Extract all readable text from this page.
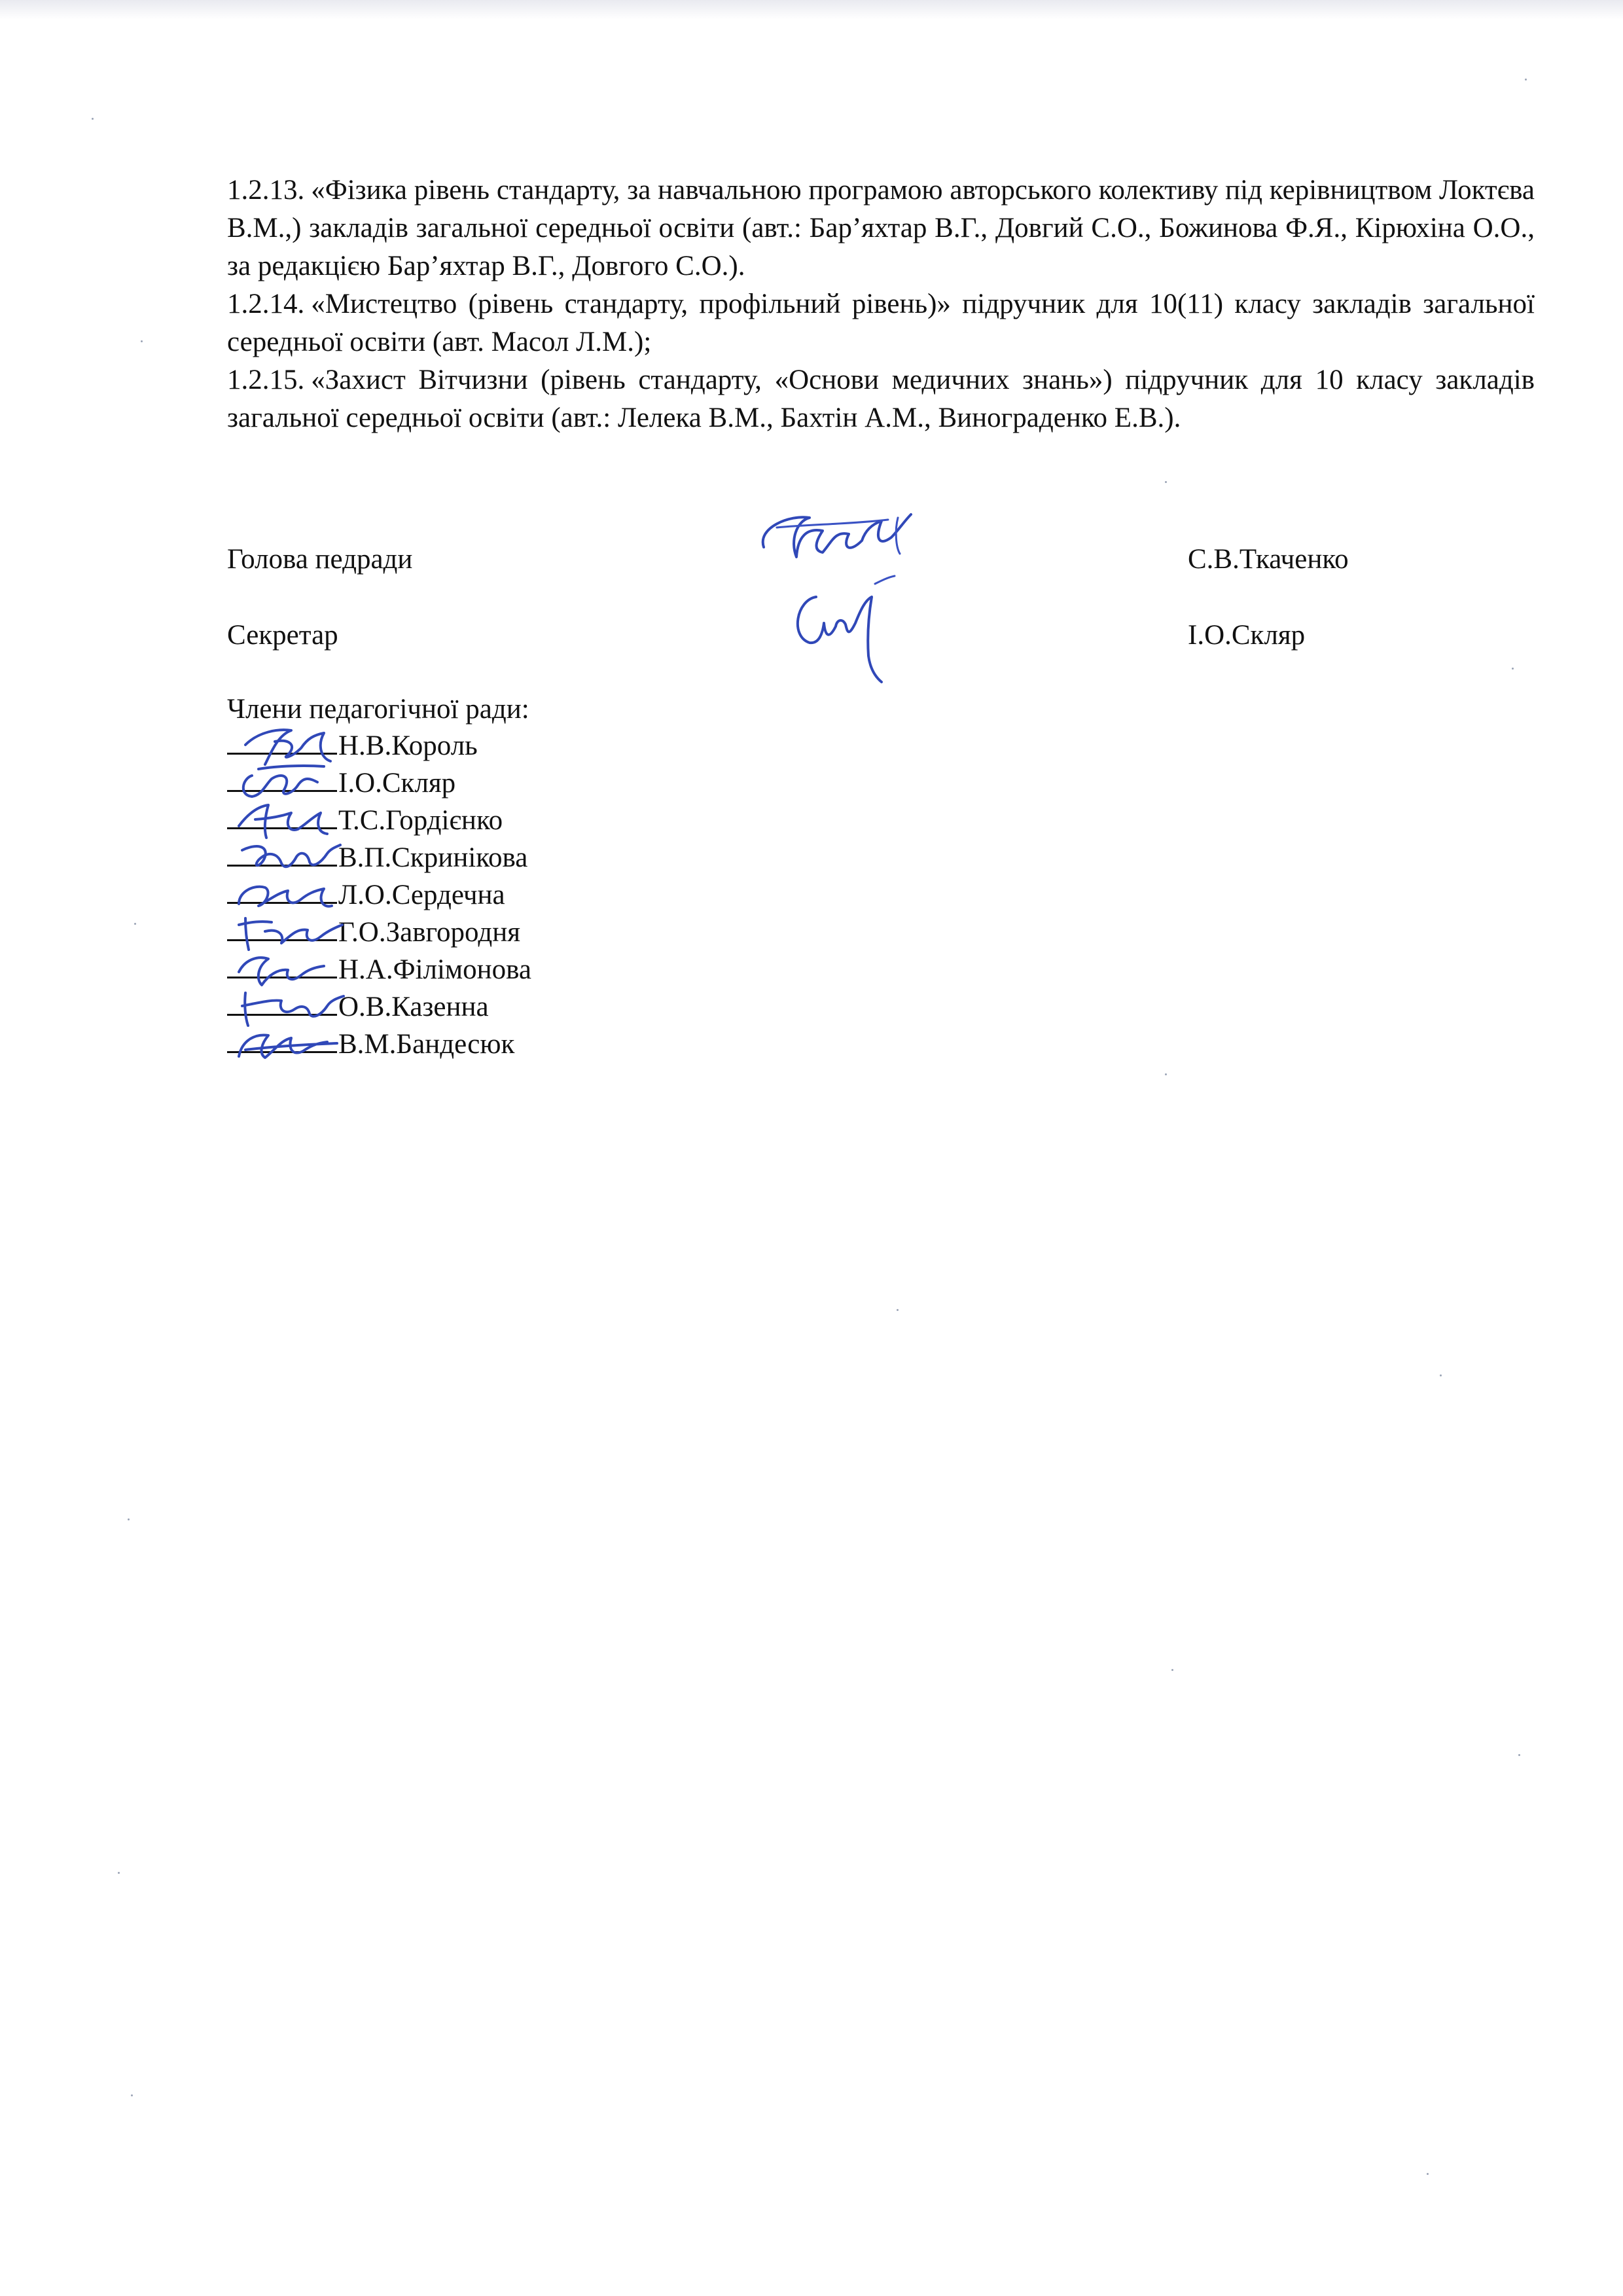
1.2.13. «Фізика рівень стандарту, за навчальною програмою авторського колективу під керівництвом Локтєва В.М.,) закладів загальної середньої освіти (авт.: Бар’яхтар В.Г., Довгий С.О., Божинова Ф.Я., Кірюхіна О.О., за редакцією Бар’яхтар В.Г., Довгого С.О.).

1.2.14. «Мистецтво (рівень стандарту, профільний рівень)» підручник для 10(11) класу закладів загальної середньої освіти (авт. Масол Л.М.);

1.2.15. «Захист Вітчизни (рівень стандарту, «Основи медичних знань») підручник для 10 класу закладів загальної середньої освіти (авт.: Лелека В.М., Бахтін А.М., Винограденко Е.В.).

Голова педради	С.В.Ткаченко
Секретар	І.О.Скляр
Члени педагогічної ради:
Н.В.Король
І.О.Скляр
Т.С.Гордієнко
В.П.Скринікова
Л.О.Сердечна
Г.О.Завгородня
Н.А.Філімонова
О.В.Казенна
В.М.Бандесюк
